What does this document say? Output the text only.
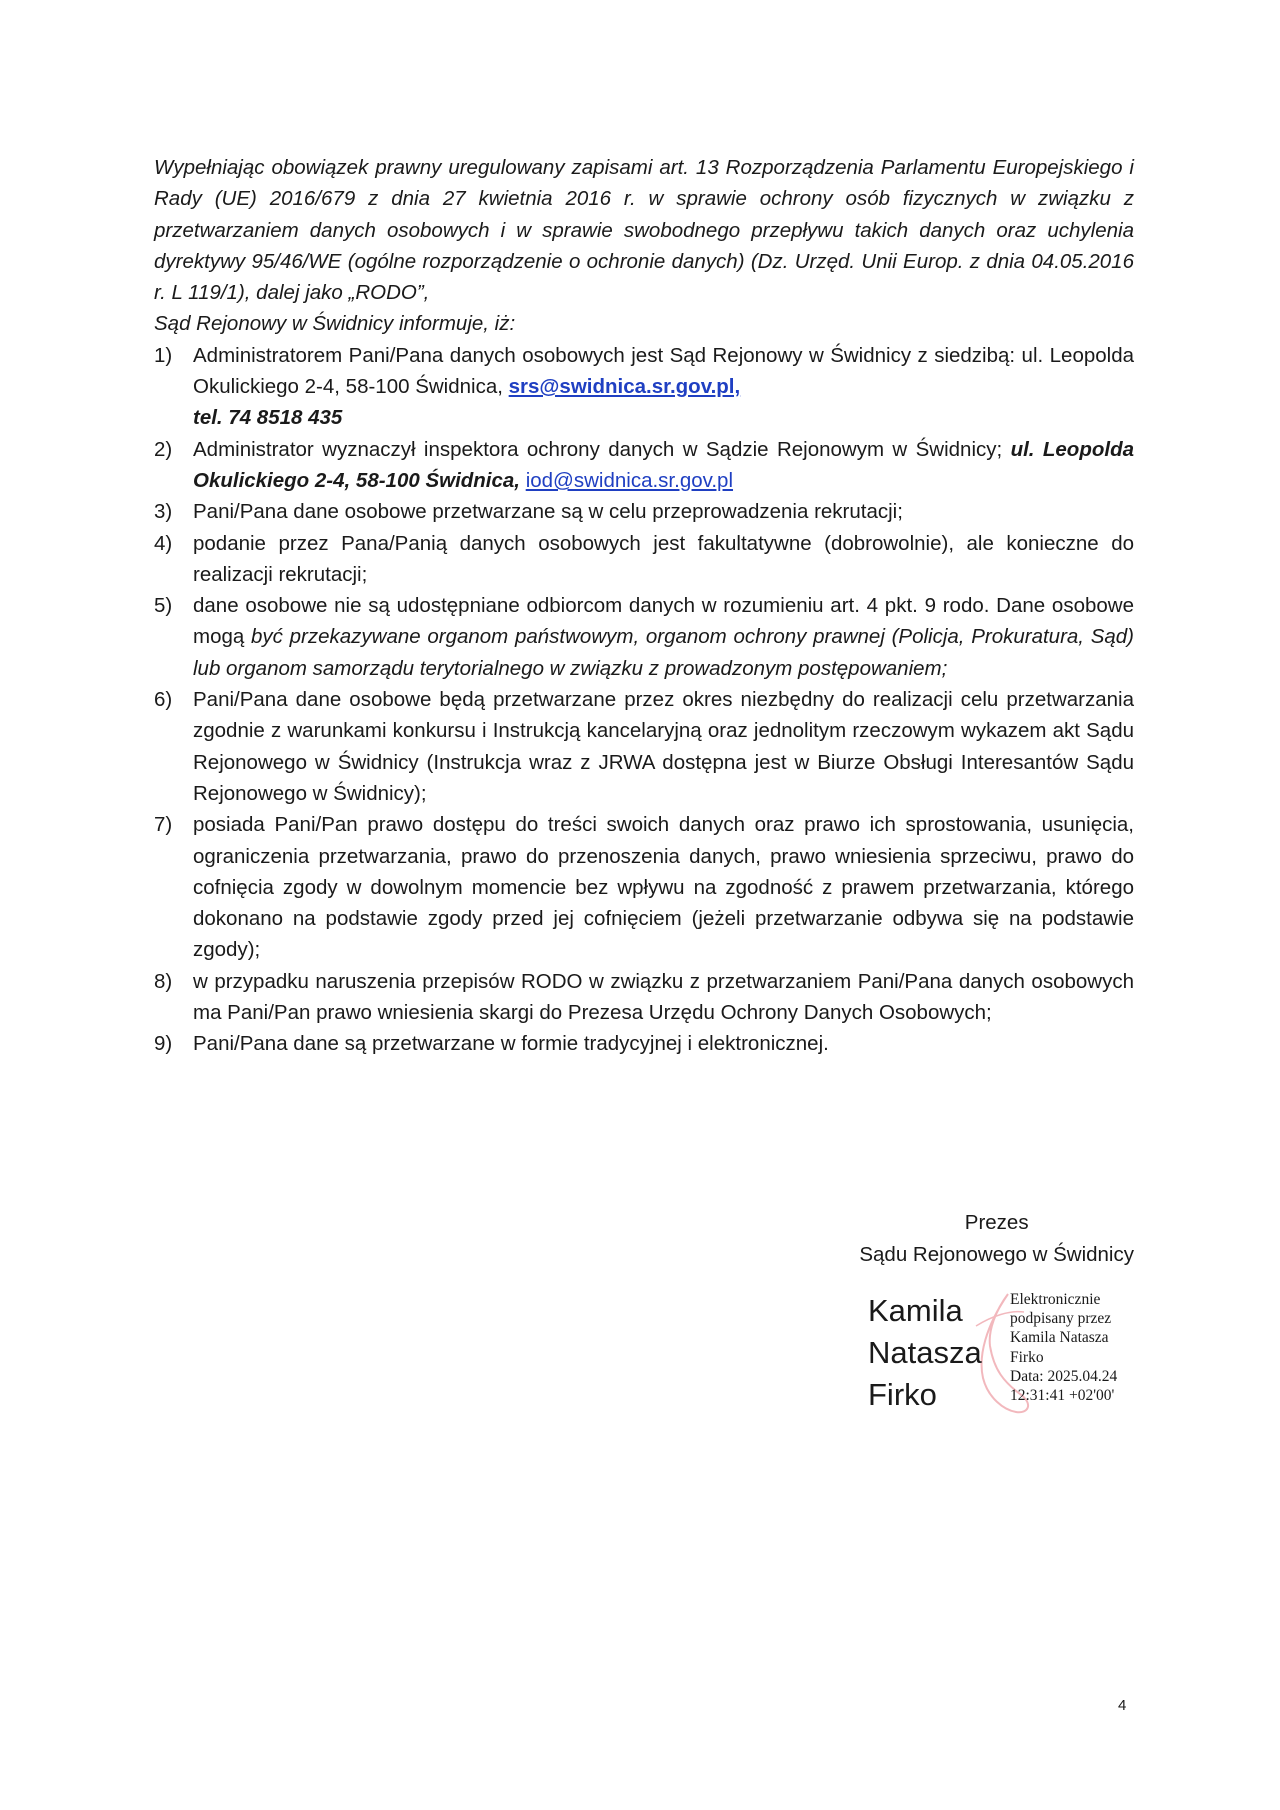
Wypełniając obowiązek prawny uregulowany zapisami art. 13 Rozporządzenia Parlamentu Europejskiego i Rady (UE) 2016/679 z dnia 27 kwietnia 2016 r. w sprawie ochrony osób fizycznych w związku z przetwarzaniem danych osobowych i w sprawie swobodnego przepływu takich danych oraz uchylenia dyrektywy 95/46/WE (ogólne rozporządzenie o ochronie danych) (Dz. Urzęd. Unii Europ. z dnia 04.05.2016 r. L 119/1), dalej jako „RODO”,
Sąd Rejonowy w Świdnicy informuje, iż:

1) Administratorem Pani/Pana danych osobowych jest Sąd Rejonowy w Świdnicy z siedzibą: ul. Leopolda Okulickiego 2-4, 58-100 Świdnica, srs@swidnica.sr.gov.pl,
tel. 74 8518 435
2) Administrator wyznaczył inspektora ochrony danych w Sądzie Rejonowym w Świdnicy; ul. Leopolda Okulickiego 2-4, 58-100 Świdnica, iod@swidnica.sr.gov.pl
3) Pani/Pana dane osobowe przetwarzane są w celu przeprowadzenia rekrutacji;
4) podanie przez Pana/Panią danych osobowych jest fakultatywne (dobrowolnie), ale konieczne do realizacji rekrutacji;
5) dane osobowe nie są udostępniane odbiorcom danych w rozumieniu art. 4 pkt. 9 rodo. Dane osobowe mogą być przekazywane organom państwowym, organom ochrony prawnej (Policja, Prokuratura, Sąd) lub organom samorządu terytorialnego w związku z prowadzonym postępowaniem;
6) Pani/Pana dane osobowe będą przetwarzane przez okres niezbędny do realizacji celu przetwarzania zgodnie z warunkami konkursu i Instrukcją kancelaryjną oraz jednolitym rzeczowym wykazem akt Sądu Rejonowego w Świdnicy (Instrukcja wraz z JRWA dostępna jest w Biurze Obsługi Interesantów Sądu Rejonowego w Świdnicy);
7) posiada Pani/Pan prawo dostępu do treści swoich danych oraz prawo ich sprostowania, usunięcia, ograniczenia przetwarzania, prawo do przenoszenia danych, prawo wniesienia sprzeciwu, prawo do cofnięcia zgody w dowolnym momencie bez wpływu na zgodność z prawem przetwarzania, którego dokonano na podstawie zgody przed jej cofnięciem (jeżeli przetwarzanie odbywa się na podstawie zgody);
8) w przypadku naruszenia przepisów RODO w związku z przetwarzaniem Pani/Pana danych osobowych ma Pani/Pan prawo wniesienia skargi do Prezesa Urzędu Ochrony Danych Osobowych;
9) Pani/Pana dane są przetwarzane w formie tradycyjnej i elektronicznej.
Prezes
Sądu Rejonowego w Świdnicy
Kamila
Natasza
Firko
Elektronicznie
podpisany przez
Kamila Natasza
Firko
Data: 2025.04.24
12:31:41 +02'00'
4
